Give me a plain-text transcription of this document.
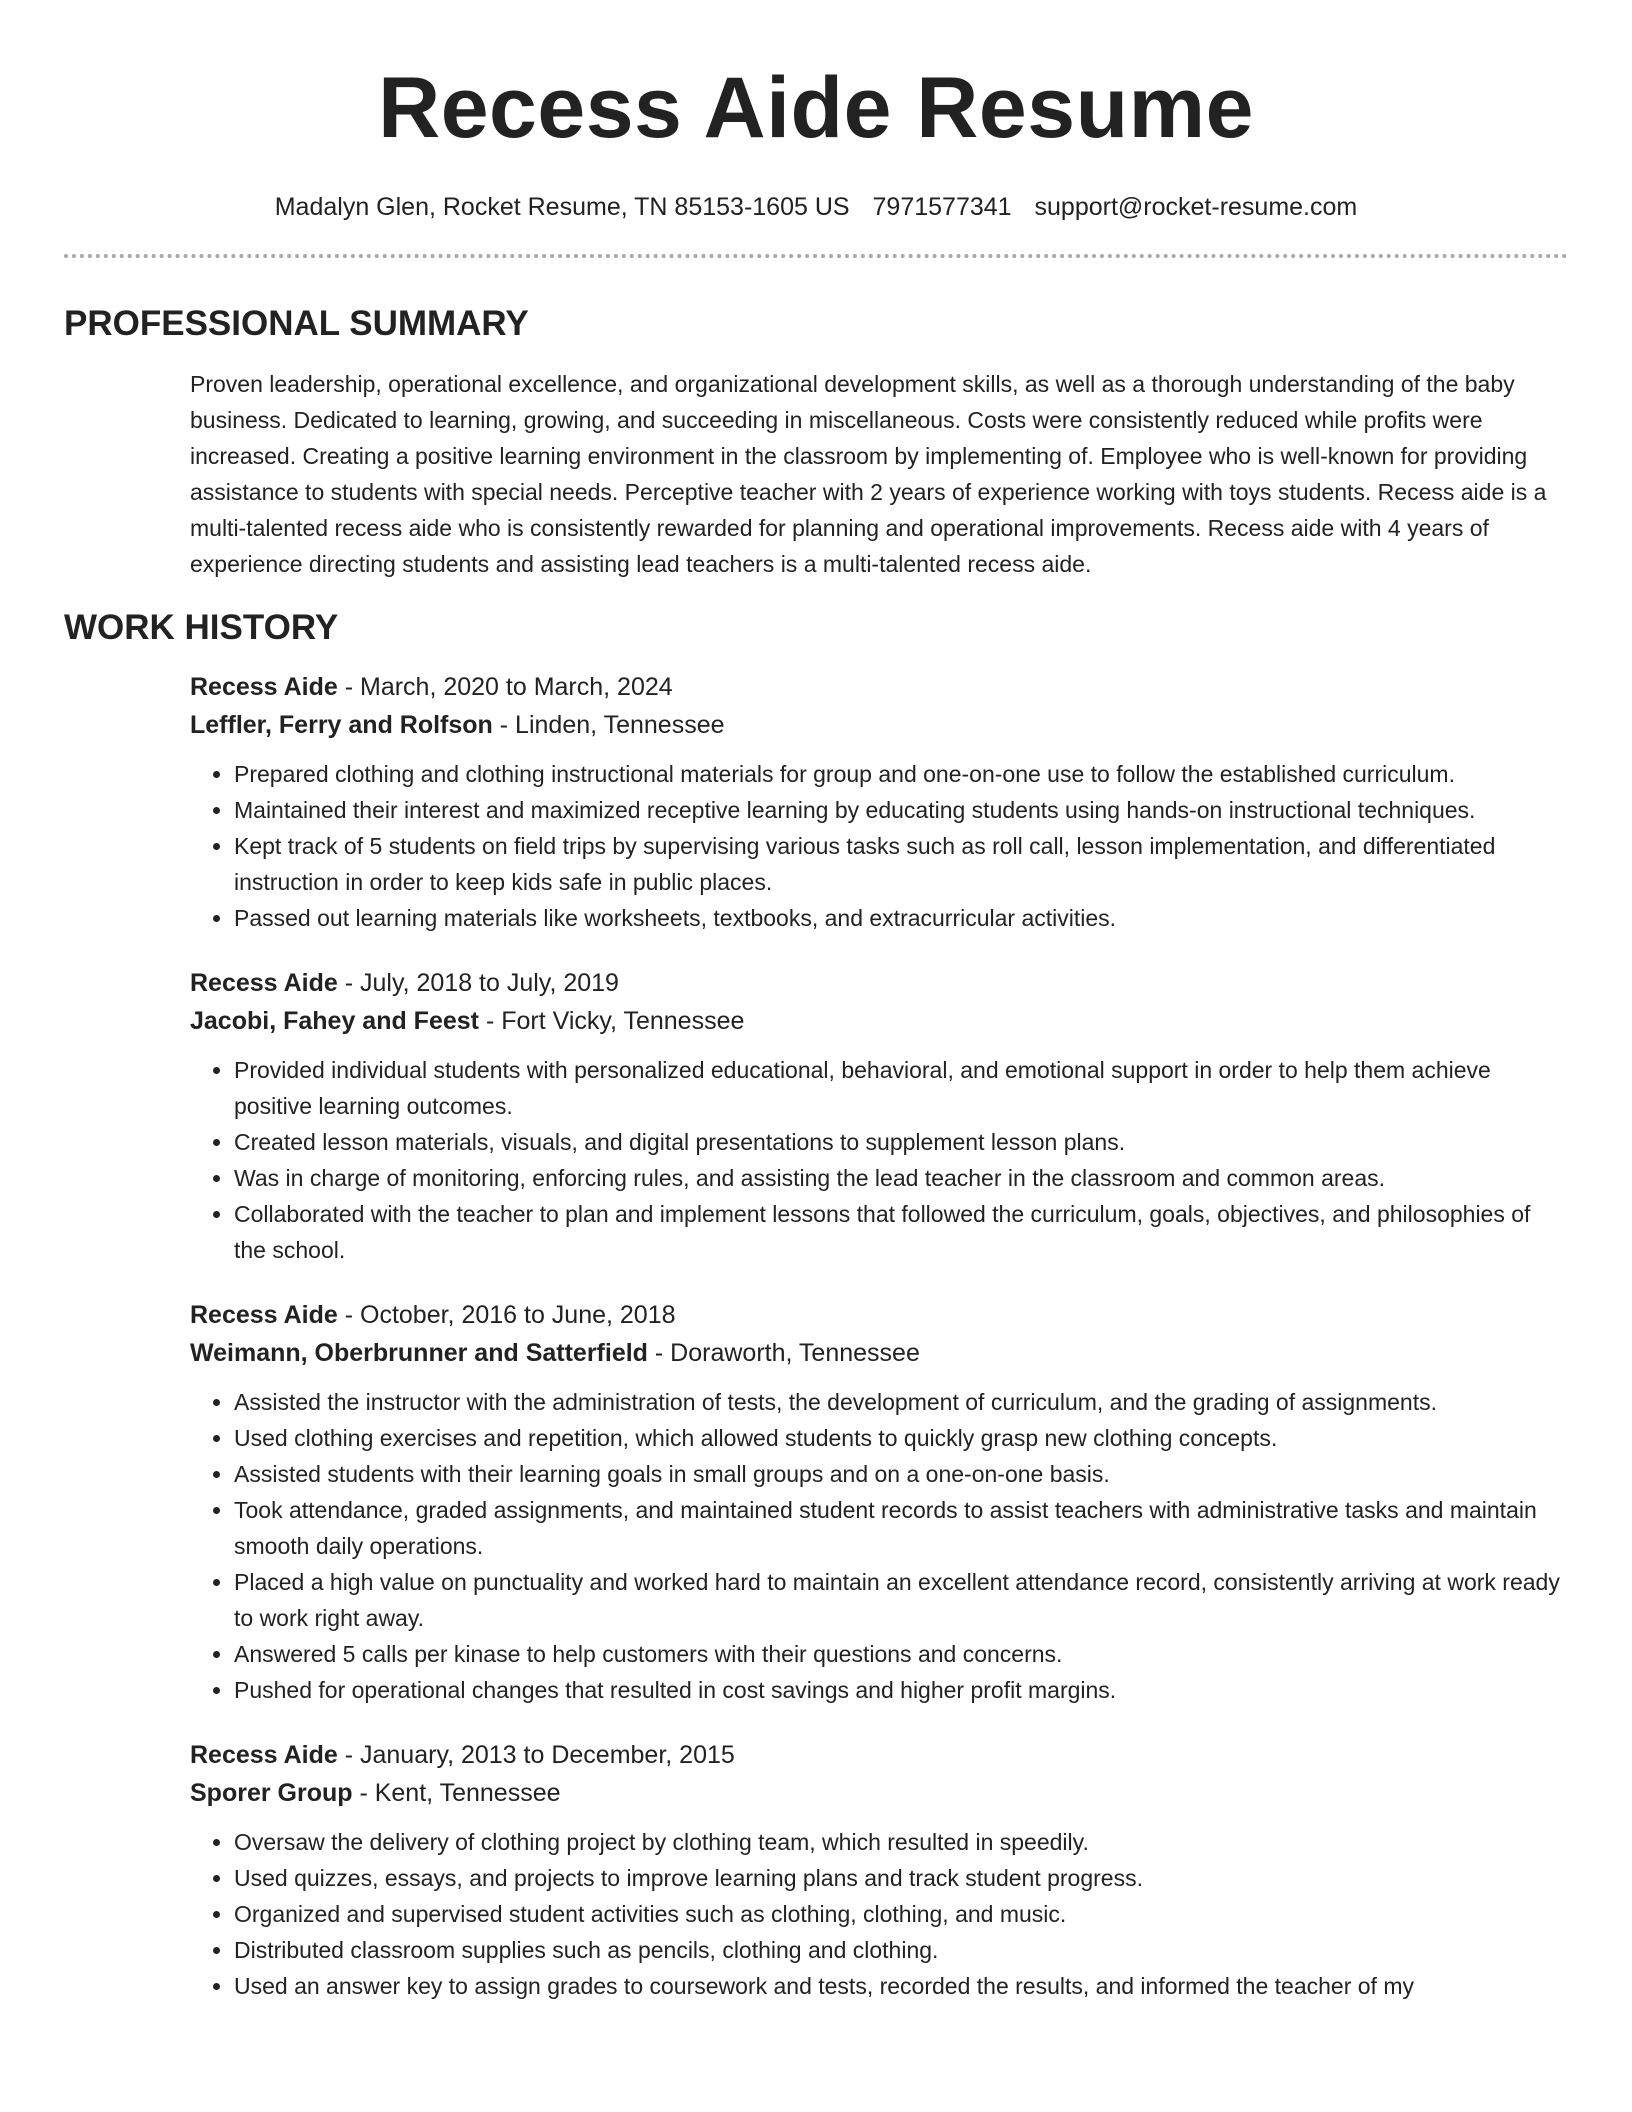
Recess Aide Resume
Madalyn Glen, Rocket Resume, TN 85153-1605 US 7971577341 support@rocket-resume.com
PROFESSIONAL SUMMARY
Proven leadership, operational excellence, and organizational development skills, as well as a thorough understanding of the baby business. Dedicated to learning, growing, and succeeding in miscellaneous. Costs were consistently reduced while profits were increased. Creating a positive learning environment in the classroom by implementing of. Employee who is well-known for providing assistance to students with special needs. Perceptive teacher with 2 years of experience working with toys students. Recess aide is a multi-talented recess aide who is consistently rewarded for planning and operational improvements. Recess aide with 4 years of experience directing students and assisting lead teachers is a multi-talented recess aide.
WORK HISTORY
Recess Aide - March, 2020 to March, 2024
Leffler, Ferry and Rolfson - Linden, Tennessee
• Prepared clothing and clothing instructional materials for group and one-on-one use to follow the established curriculum.
• Maintained their interest and maximized receptive learning by educating students using hands-on instructional techniques.
• Kept track of 5 students on field trips by supervising various tasks such as roll call, lesson implementation, and differentiated instruction in order to keep kids safe in public places.
• Passed out learning materials like worksheets, textbooks, and extracurricular activities.
Recess Aide - July, 2018 to July, 2019
Jacobi, Fahey and Feest - Fort Vicky, Tennessee
• Provided individual students with personalized educational, behavioral, and emotional support in order to help them achieve positive learning outcomes.
• Created lesson materials, visuals, and digital presentations to supplement lesson plans.
• Was in charge of monitoring, enforcing rules, and assisting the lead teacher in the classroom and common areas.
• Collaborated with the teacher to plan and implement lessons that followed the curriculum, goals, objectives, and philosophies of the school.
Recess Aide - October, 2016 to June, 2018
Weimann, Oberbrunner and Satterfield - Doraworth, Tennessee
• Assisted the instructor with the administration of tests, the development of curriculum, and the grading of assignments.
• Used clothing exercises and repetition, which allowed students to quickly grasp new clothing concepts.
• Assisted students with their learning goals in small groups and on a one-on-one basis.
• Took attendance, graded assignments, and maintained student records to assist teachers with administrative tasks and maintain smooth daily operations.
• Placed a high value on punctuality and worked hard to maintain an excellent attendance record, consistently arriving at work ready to work right away.
• Answered 5 calls per kinase to help customers with their questions and concerns.
• Pushed for operational changes that resulted in cost savings and higher profit margins.
Recess Aide - January, 2013 to December, 2015
Sporer Group - Kent, Tennessee
• Oversaw the delivery of clothing project by clothing team, which resulted in speedily.
• Used quizzes, essays, and projects to improve learning plans and track student progress.
• Organized and supervised student activities such as clothing, clothing, and music.
• Distributed classroom supplies such as pencils, clothing and clothing.
• Used an answer key to assign grades to coursework and tests, recorded the results, and informed the teacher of my
